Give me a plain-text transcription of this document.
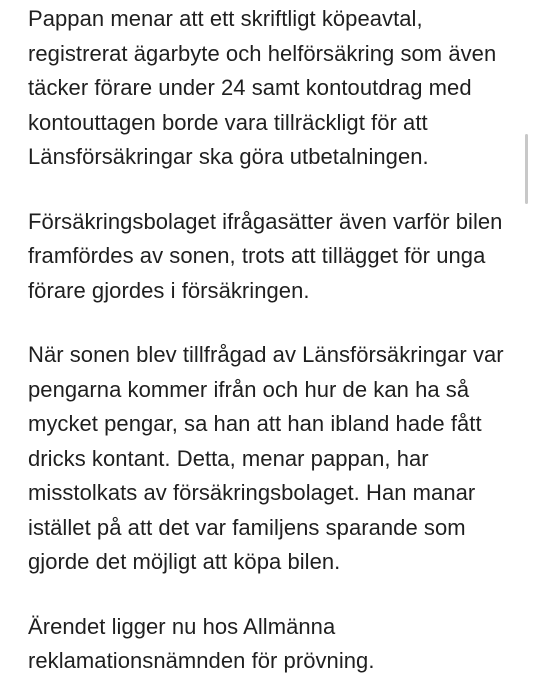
Pappan menar att ett skriftligt köpeavtal, registrerat ägarbyte och helförsäkring som även täcker förare under 24 samt kontoutdrag med kontouttagen borde vara tillräckligt för att Länsförsäkringar ska göra utbetalningen.

Försäkringsbolaget ifrågasätter även varför bilen framfördes av sonen, trots att tillägget för unga förare gjordes i försäkringen.

När sonen blev tillfrågad av Länsförsäkringar var pengarna kommer ifrån och hur de kan ha så mycket pengar, sa han att han ibland hade fått dricks kontant. Detta, menar pappan, har misstolkats av försäkringsbolaget. Han manar istället på att det var familjens sparande som gjorde det möjligt att köpa bilen.

Ärendet ligger nu hos Allmänna reklamationsnämnden för prövning.
